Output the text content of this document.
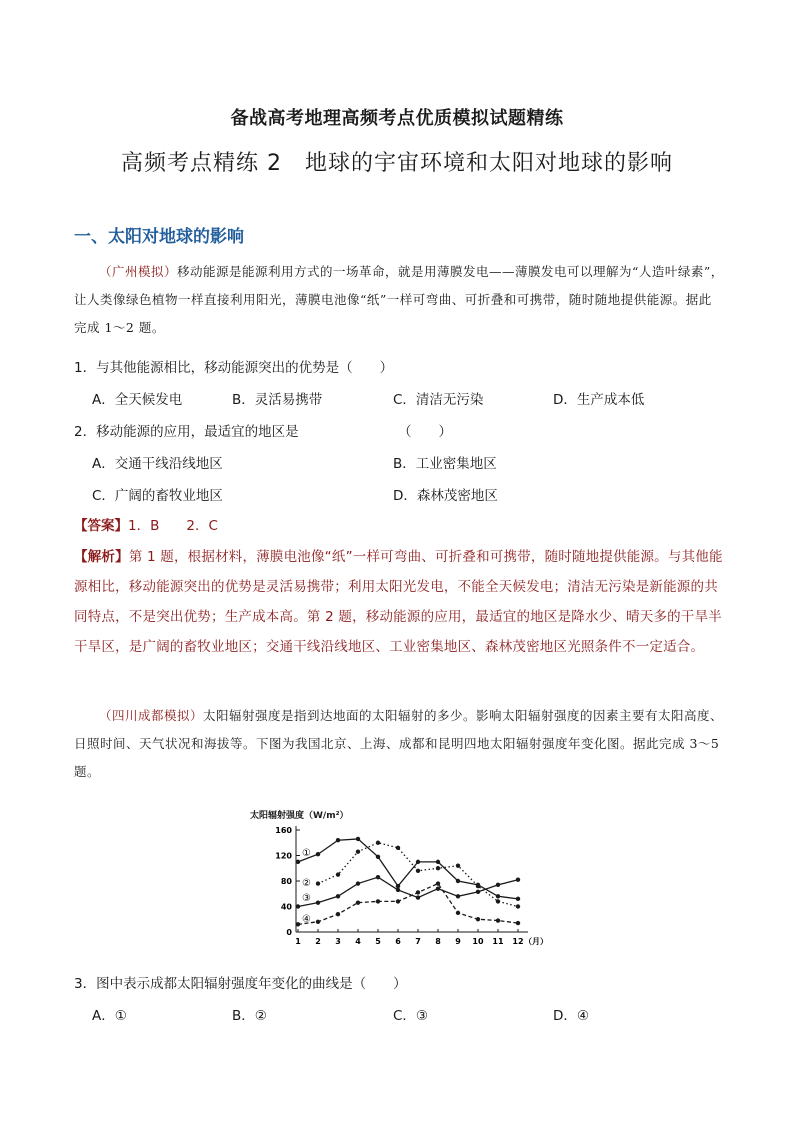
备战高考地理高频考点优质模拟试题精练
高频考点精练 2　地球的宇宙环境和太阳对地球的影响
一、太阳对地球的影响
（广州模拟）移动能源是能源利用方式的一场革命，就是用薄膜发电——薄膜发电可以理解为“人造叶绿素”，让人类像绿色植物一样直接利用阳光，薄膜电池像“纸”一样可弯曲、可折叠和可携带，随时随地提供能源。据此完成 1～2 题。
1．与其他能源相比，移动能源突出的优势是（　　）
A．全天候发电	B．灵活易携带	C．清洁无污染	D．生产成本低
2．移动能源的应用，最适宜的地区是	（　　）
A．交通干线沿线地区	B．工业密集地区
C．广阔的畜牧业地区	D．森林茂密地区
【答案】1．B　　2．C
【解析】第 1 题，根据材料，薄膜电池像“纸”一样可弯曲、可折叠和可携带，随时随地提供能源。与其他能源相比，移动能源突出的优势是灵活易携带；利用太阳光发电，不能全天候发电；清洁无污染是新能源的共同特点，不是突出优势；生产成本高。第 2 题，移动能源的应用，最适宜的地区是降水少、晴天多的干旱半干旱区，是广阔的畜牧业地区；交通干线沿线地区、工业密集地区、森林茂密地区光照条件不一定适合。
（四川成都模拟）太阳辐射强度是指到达地面的太阳辐射的多少。影响太阳辐射强度的因素主要有太阳高度、日照时间、天气状况和海拔等。下图为我国北京、上海、成都和昆明四地太阳辐射强度年变化图。据此完成 3～5 题。
太阳辐射强度（W/m²）
0
40
80
120
160
1 2 3 4 5 6 7 8 9 10 11 12 （月）
①
②
③
④
3．图中表示成都太阳辐射强度年变化的曲线是（　　）
A．①	B．②	C．③	D．④
